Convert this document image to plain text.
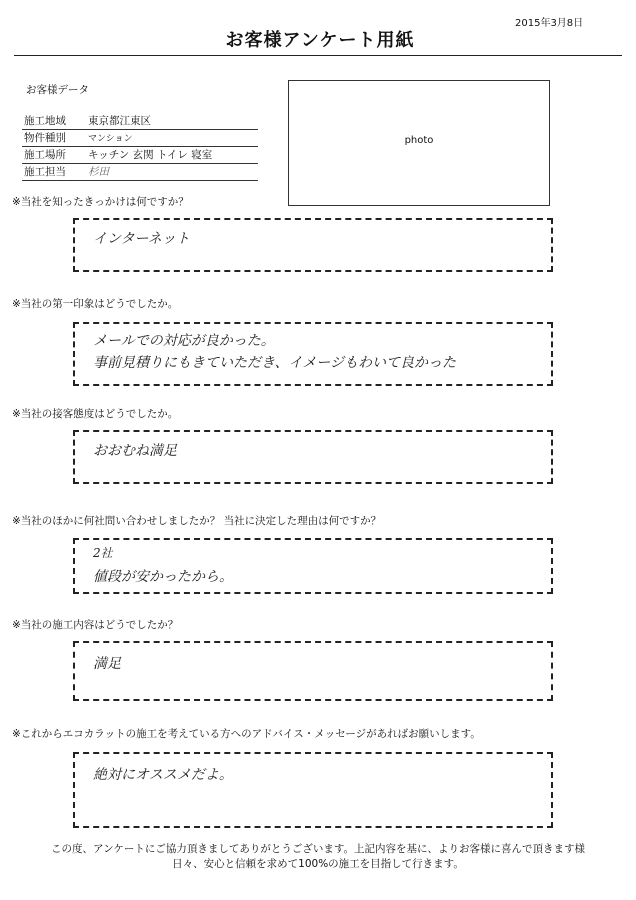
2015年3月8日
お客様アンケート用紙
お客様データ
施工地域 東京都江東区
物件種別 マンション
施工場所 キッチン 玄関 トイレ 寝室
施工担当 杉田
photo
※当社を知ったきっかけは何ですか？
インターネット
※当社の第一印象はどうでしたか。
メールでの対応が良かった。
事前見積りにもきていただき、イメージもわいて良かった
※当社の接客態度はどうでしたか。
おおむね満足
※当社のほかに何社問い合わせしましたか？ 当社に決定した理由は何ですか？
2社
値段が安かったから。
※当社の施工内容はどうでしたか？
満足
※これからエコカラットの施工を考えている方へのアドバイス・メッセージがあればお願いします。
絶対にオススメだよ。
この度、アンケートにご協力頂きましてありがとうございます。上記内容を基に、よりお客様に喜んで頂きます様
日々、安心と信頼を求めて100%の施工を目指して行きます。
